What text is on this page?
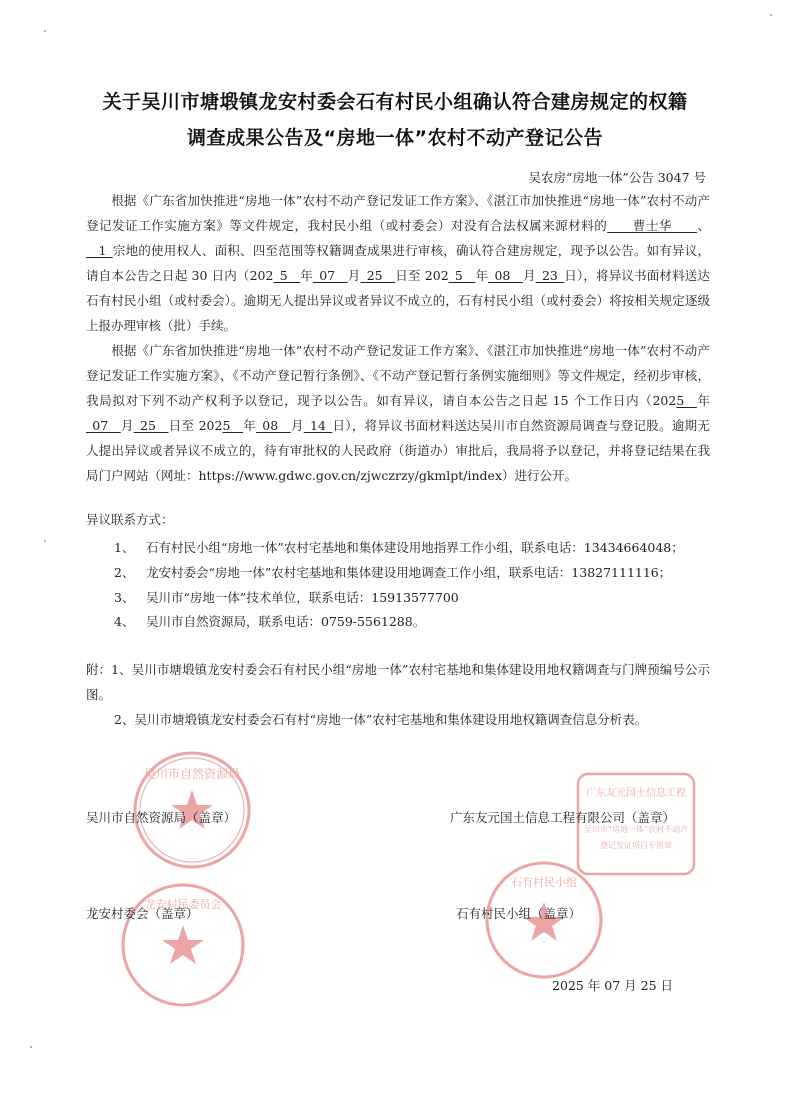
关于吴川市塘塅镇龙安村委会石有村民小组确认符合建房规定的权籍
调查成果公告及“房地一体”农村不动产登记公告
吴农房“房地一体”公告 3047 号

根据《广东省加快推进“房地一体”农村不动产登记发证工作方案》、《湛江市加快推进“房地一体”农村不动产登记发证工作实施方案》等文件规定，我村民小组（或村委会）对没有合法权属来源材料的____曹士华____、__1_宗地的使用权人、面积、四至范围等权籍调查成果进行审核，确认符合建房规定，现予以公告。如有异议，请自本公告之日起 30 日内（202_5__年_07__月_25__日至 202_5__年_08__月_23_日），将异议书面材料送达石有村民小组（或村委会）。逾期无人提出异议或者异议不成立的，石有村民小组（或村委会）将按相关规定逐级上报办理审核（批）手续。

根据《广东省加快推进“房地一体”农村不动产登记发证工作方案》、《湛江市加快推进“房地一体”农村不动产登记发证工作实施方案》、《不动产登记暂行条例》、《不动产登记暂行条例实施细则》等文件规定，经初步审核，我局拟对下列不动产权利予以登记，现予以公告。如有异议，请自本公告之日起 15 个工作日内（2025__年_07__月_25__日至 2025__年_08__月_14_日），将异议书面材料送达吴川市自然资源局调查与登记股。逾期无人提出异议或者异议不成立的，待有审批权的人民政府（街道办）审批后，我局将予以登记，并将登记结果在我局门户网站（网址：https://www.gdwc.gov.cn/zjwczrzy/gkmlpt/index）进行公开。

异议联系方式：
1、 石有村民小组“房地一体”农村宅基地和集体建设用地指界工作小组，联系电话：13434664048；
2、 龙安村委会“房地一体”农村宅基地和集体建设用地调查工作小组，联系电话：13827111116；
3、 吴川市“房地一体”技术单位，联系电话：15913577700
4、 吴川市自然资源局，联系电话：0759-5561288。

附：1、吴川市塘塅镇龙安村委会石有村民小组“房地一体”农村宅基地和集体建设用地权籍调查与门牌预编号公示图。

2、吴川市塘塅镇龙安村委会石有村“房地一体”农村宅基地和集体建设用地权籍调查信息分析表。

吴川市自然资源局
广东友元国土信息工程
吴川市“房地一体”农村不动产
登记发证项目专用章
龙安村民委员会
石有村民小组
吴川市自然资源局（盖章）	广东友元国土信息工程有限公司（盖章）
龙安村委会（盖章）	石有村民小组（盖章）
2025 年 07 月 25 日
